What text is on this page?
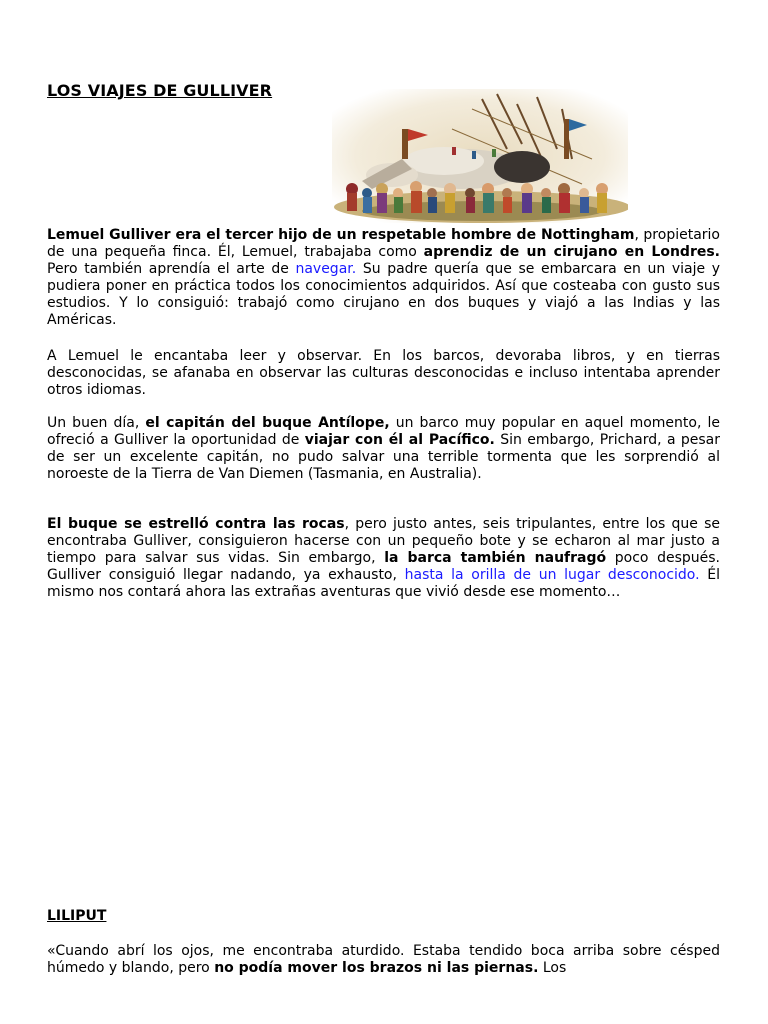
LOS VIAJES DE GULLIVER

Lemuel Gulliver era el tercer hijo de un respetable hombre de Nottingham, propietario de una pequeña finca. Él, Lemuel, trabajaba como aprendiz de un cirujano en Londres. Pero también aprendía el arte de navegar. Su padre quería que se embarcara en un viaje y pudiera poner en práctica todos los conocimientos adquiridos. Así que costeaba con gusto sus estudios. Y lo consiguió: trabajó como cirujano en dos buques y viajó a las Indias y las Américas.

A Lemuel le encantaba leer y observar. En los barcos, devoraba libros, y en tierras desconocidas, se afanaba en observar las culturas desconocidas e incluso intentaba aprender otros idiomas.

Un buen día, el capitán del buque Antílope, un barco muy popular en aquel momento, le ofreció a Gulliver la oportunidad de viajar con él al Pacífico. Sin embargo, Prichard, a pesar de ser un excelente capitán, no pudo salvar una terrible tormenta que les sorprendió al noroeste de la Tierra de Van Diemen (Tasmania, en Australia).

El buque se estrelló contra las rocas, pero justo antes, seis tripulantes, entre los que se encontraba Gulliver, consiguieron hacerse con un pequeño bote y se echaron al mar justo a tiempo para salvar sus vidas. Sin embargo, la barca también naufragó poco después. Gulliver consiguió llegar nadando, ya exhausto, hasta la orilla de un lugar desconocido. Él mismo nos contará ahora las extrañas aventuras que vivió desde ese momento…

LILIPUT

«Cuando abrí los ojos, me encontraba aturdido. Estaba tendido boca arriba sobre césped húmedo y blando, pero no podía mover los brazos ni las piernas. Los
